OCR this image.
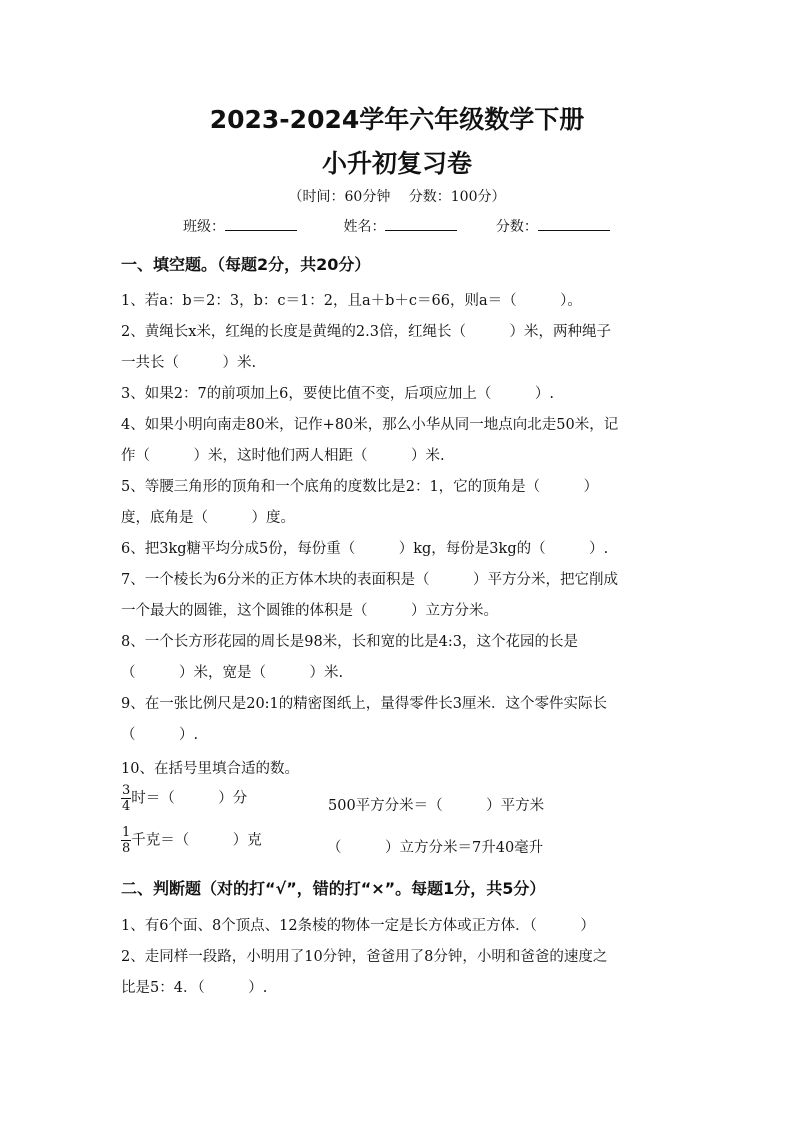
2023-2024学年六年级数学下册
小升初复习卷
（时间：60分钟　 分数：100分）
班级：	姓名：	分数：
一、填空题。（每题2分，共20分）
1、若a：b＝2：3，b：c＝1：2，且a＋b＋c＝66，则a＝（　　　）。
2、黄绳长x米，红绳的长度是黄绳的2.3倍，红绳长（　　　）米，两种绳子
一共长（　　　）米.
3、如果2：7的前项加上6，要使比值不变，后项应加上（　　　）.
4、如果小明向南走80米，记作+80米，那么小华从同一地点向北走50米，记
作（　　　）米，这时他们两人相距（　　　）米.
5、等腰三角形的顶角和一个底角的度数比是2：1，它的顶角是（　　　）
度，底角是（　　　）度。
6、把3kg糖平均分成5份，每份重（　　　）kg，每份是3kg的（　　　）.
7、一个棱长为6分米的正方体木块的表面积是（　　　）平方分米，把它削成
一个最大的圆锥，这个圆锥的体积是（　　　）立方分米。
8、一个长方形花园的周长是98米，长和宽的比是4:3，这个花园的长是
（　　　）米，宽是（　　　）米.
9、在一张比例尺是20:1的精密图纸上，量得零件长3厘米．这个零件实际长
（　　　）.
10、在括号里填合适的数。
$\frac{3}{4}$ 时＝（　　　）分	500平方分米＝（　　　）平方米
$\frac{1}{8}$ 千克＝（　　　）克	（　　　）立方分米＝7升40毫升
二、判断题（对的打“√”，错的打“×”。每题1分，共5分）
1、有6个面、8个顶点、12条棱的物体一定是长方体或正方体．（　　　）
2、走同样一段路，小明用了10分钟，爸爸用了8分钟，小明和爸爸的速度之
比是5：4．（　　　）.
